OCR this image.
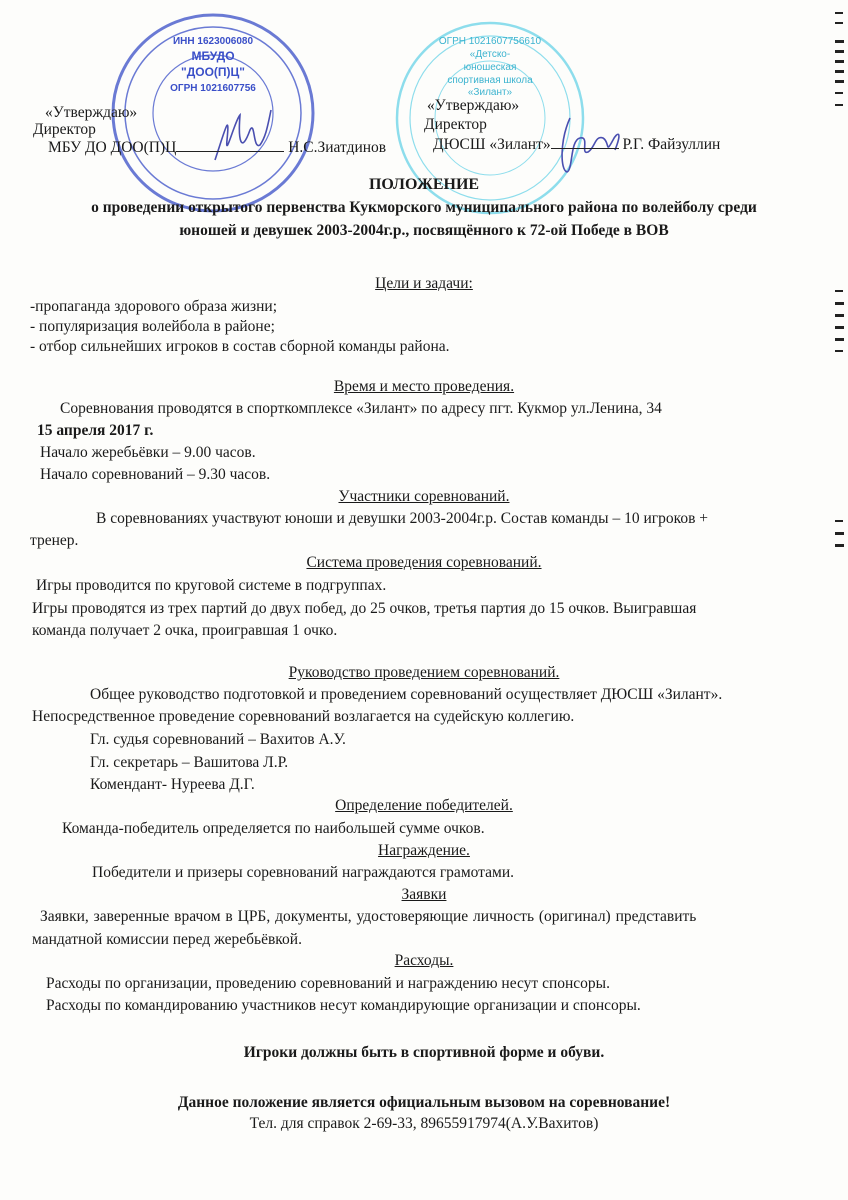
ИНН 1623006080
МБУДО
"ДОО(П)Ц"
ОГРН 1021607756
ОГРН 1021607756610
«Детско-
юношеская
спортивная школа
«Зилант»
«Утверждаю»
Директор
МБУ ДО ДОО(П)Ц	Н.С.Зиатдинов
«Утверждаю»
Директор
ДЮСШ «Зилант»	Р.Г. Файзуллин
ПОЛОЖЕНИЕ
о проведении открытого первенства Кукморского муниципального района по волейболу среди
юношей и девушек 2003-2004г.р., посвящённого к 72-ой Победе в ВОВ
Цели и задачи:
-пропаганда здорового образа жизни;
- популяризация волейбола в районе;
- отбор сильнейших игроков в состав сборной команды района.
Время и место проведения.
Соревнования проводятся в спорткомплексе «Зилант» по адресу пгт. Кукмор ул.Ленина, 34
15 апреля 2017 г.
Начало жеребьёвки – 9.00 часов.
Начало соревнований – 9.30 часов.
Участники соревнований.
В соревнованиях участвуют юноши и девушки 2003-2004г.р. Состав команды – 10 игроков +
тренер.
Система проведения соревнований.
Игры проводится по круговой системе в подгруппах.
Игры проводятся из трех партий до двух побед, до 25 очков, третья партия до 15 очков. Выигравшая
команда получает 2 очка, проигравшая 1 очко.
Руководство проведением соревнований.
Общее руководство подготовкой и проведением соревнований осуществляет ДЮСШ «Зилант».
Непосредственное проведение соревнований возлагается на судейскую коллегию.
Гл. судья соревнований – Вахитов А.У.
Гл. секретарь – Вашитова Л.Р.
Комендант- Нуреева Д.Г.
Определение победителей.
Команда-победитель определяется по наибольшей сумме очков.
Награждение.
Победители и призеры соревнований награждаются грамотами.
Заявки
Заявки, заверенные врачом в ЦРБ, документы, удостоверяющие личность (оригинал) представить
мандатной комиссии перед жеребьёвкой.
Расходы.
Расходы по организации, проведению соревнований и награждению несут спонсоры.
Расходы по командированию участников несут командирующие организации и спонсоры.
Игроки должны быть в спортивной форме и обуви.
Данное положение является официальным вызовом на соревнование!
Тел. для справок 2-69-33, 89655917974(А.У.Вахитов)
